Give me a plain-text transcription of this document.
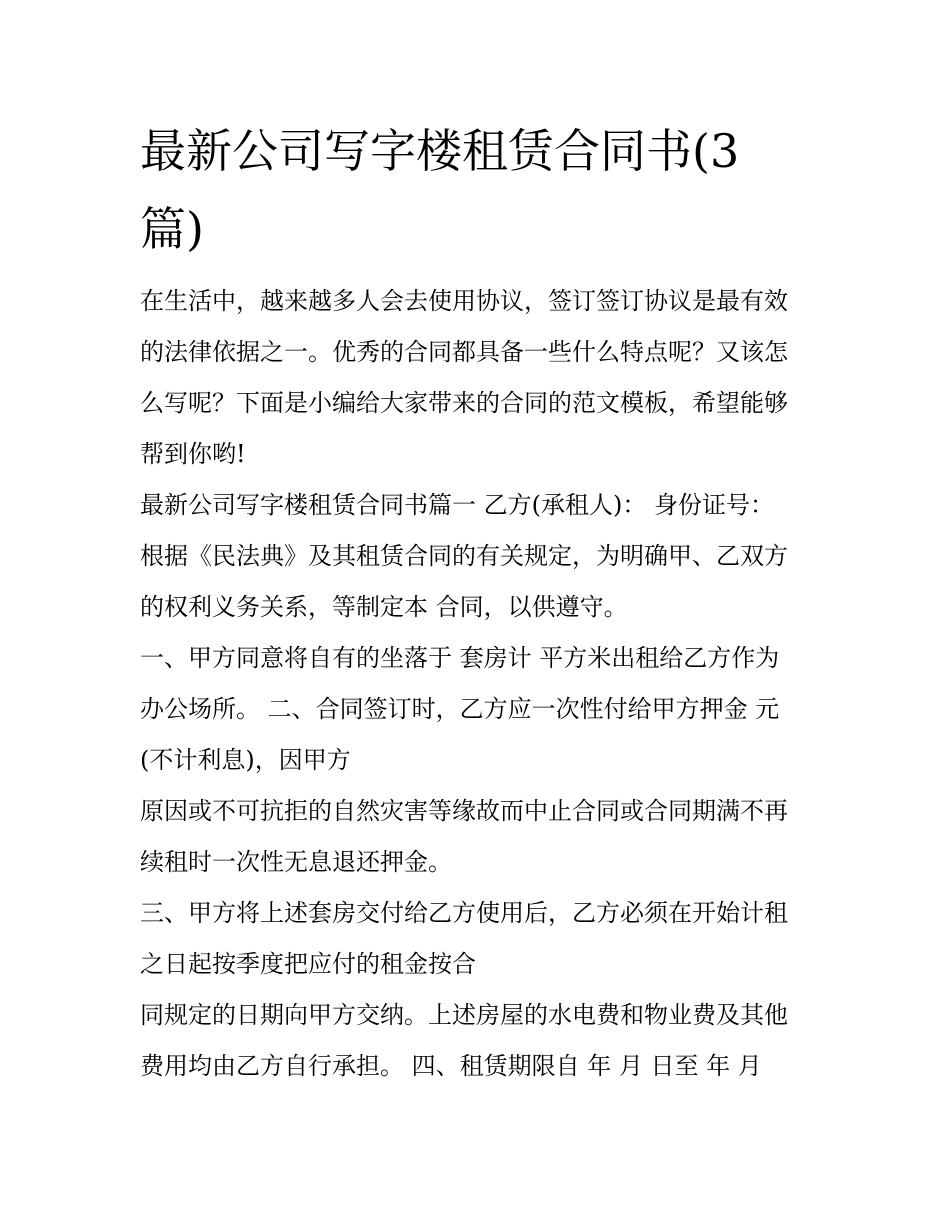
最新公司写字楼租赁合同书(3
篇)

在生活中，越来越多人会去使用协议，签订签订协议是最有效

的法律依据之一。优秀的合同都具备一些什么特点呢？又该怎

么写呢？下面是小编给大家带来的合同的范文模板，希望能够

帮到你哟!

最新公司写字楼租赁合同书篇一 乙方(承租人)： 身份证号：

根据《民法典》及其租赁合同的有关规定，为明确甲、乙双方

的权利义务关系，等制定本 合同，以供遵守。

一、甲方同意将自有的坐落于 套房计 平方米出租给乙方作为

办公场所。 二、合同签订时，乙方应一次性付给甲方押金 元

(不计利息)，因甲方

原因或不可抗拒的自然灾害等缘故而中止合同或合同期满不再

续租时一次性无息退还押金。

三、甲方将上述套房交付给乙方使用后，乙方必须在开始计租

之日起按季度把应付的租金按合

同规定的日期向甲方交纳。上述房屋的水电费和物业费及其他

费用均由乙方自行承担。 四、租赁期限自 年 月 日至 年 月
